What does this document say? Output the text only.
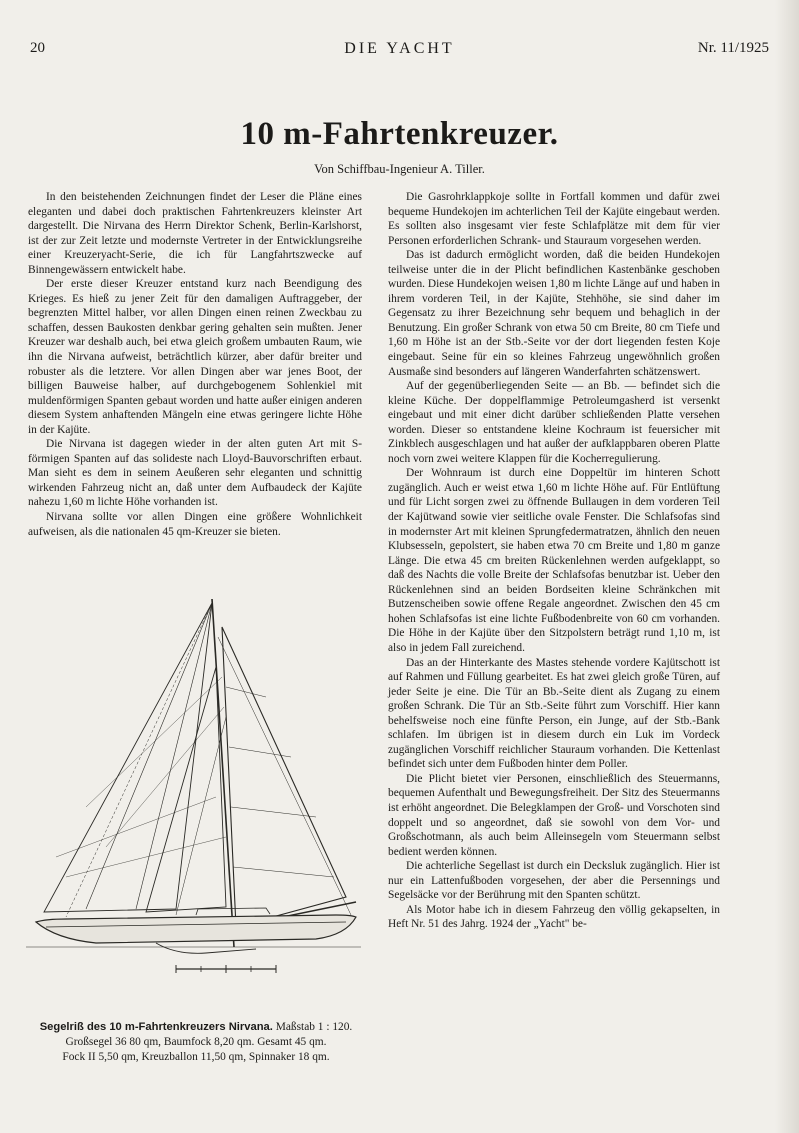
20	DIE YACHT	Nr. 11/1925
10 m-Fahrtenkreuzer.
Von Schiffbau-Ingenieur A. Tiller.

In den beistehenden Zeichnungen findet der Leser die Pläne eines eleganten und dabei doch praktischen Fahrtenkreuzers kleinster Art dargestellt. Die Nirvana des Herrn Direktor Schenk, Berlin-Karlshorst, ist der zur Zeit letzte und modernste Vertreter in der Entwicklungsreihe einer Kreuzeryacht-Serie, die ich für Langfahrtszwecke auf Binnengewässern entwickelt habe.

Der erste dieser Kreuzer entstand kurz nach Beendigung des Krieges. Es hieß zu jener Zeit für den damaligen Auftraggeber, der begrenzten Mittel halber, vor allen Dingen einen reinen Zweckbau zu schaffen, dessen Baukosten denkbar gering gehalten sein mußten. Jener Kreuzer war deshalb auch, bei etwa gleich großem umbauten Raum, wie ihn die Nirvana aufweist, beträchtlich kürzer, aber dafür breiter und robuster als die letztere. Vor allen Dingen aber war jenes Boot, der billigen Bauweise halber, auf durchgebogenem Sohlenkiel mit muldenförmigen Spanten gebaut worden und hatte außer einigen anderen diesem System anhaftenden Mängeln eine etwas geringere lichte Höhe in der Kajüte.

Die Nirvana ist dagegen wieder in der alten guten Art mit S-förmigen Spanten auf das solideste nach Lloyd-Bauvorschriften erbaut. Man sieht es dem in seinem Aeußeren sehr eleganten und schnittig wirkenden Fahrzeug nicht an, daß unter dem Aufbaudeck der Kajüte nahezu 1,60 m lichte Höhe vorhanden ist.

Nirvana sollte vor allen Dingen eine größere Wohnlichkeit aufweisen, als die nationalen 45 qm-Kreuzer sie bieten.

Segelriß des 10 m-Fahrtenkreuzers Nirvana. Maßstab 1 : 120.
Großsegel 36 80 qm, Baumfock 8,20 qm. Gesamt 45 qm.
Fock II 5,50 qm, Kreuzballon 11,50 qm, Spinnaker 18 qm.

Die Gasrohrklappkoje sollte in Fortfall kommen und dafür zwei bequeme Hundekojen im achterlichen Teil der Kajüte eingebaut werden. Es sollten also insgesamt vier feste Schlafplätze mit dem für vier Personen erforderlichen Schrank- und Stauraum vorgesehen werden.

Das ist dadurch ermöglicht worden, daß die beiden Hundekojen teilweise unter die in der Plicht befindlichen Kastenbänke geschoben wurden. Diese Hundekojen weisen 1,80 m lichte Länge auf und haben in ihrem vorderen Teil, in der Kajüte, Stehhöhe, sie sind daher im Gegensatz zu ihrer Bezeichnung sehr bequem und behaglich in der Benutzung. Ein großer Schrank von etwa 50 cm Breite, 80 cm Tiefe und 1,60 m Höhe ist an der Stb.-Seite vor der dort liegenden festen Koje eingebaut. Seine für ein so kleines Fahrzeug ungewöhnlich großen Ausmaße sind besonders auf längeren Wanderfahrten schätzenswert.

Auf der gegenüberliegenden Seite — an Bb. — befindet sich die kleine Küche. Der doppelflammige Petroleumgasherd ist versenkt eingebaut und mit einer dicht darüber schließenden Platte versehen worden. Dieser so entstandene kleine Kochraum ist feuersicher mit Zinkblech ausgeschlagen und hat außer der aufklappbaren oberen Platte noch vorn zwei weitere Klappen für die Kocherregulierung.

Der Wohnraum ist durch eine Doppeltür im hinteren Schott zugänglich. Auch er weist etwa 1,60 m lichte Höhe auf. Für Entlüftung und für Licht sorgen zwei zu öffnende Bullaugen in dem vorderen Teil der Kajütwand sowie vier seitliche ovale Fenster. Die Schlafsofas sind in modernster Art mit kleinen Sprungfedermatratzen, ähnlich den neuen Klubsesseln, gepolstert, sie haben etwa 70 cm Breite und 1,80 m ganze Länge. Die etwa 45 cm breiten Rückenlehnen werden aufgeklappt, so daß des Nachts die volle Breite der Schlafsofas benutzbar ist. Ueber den Rückenlehnen sind an beiden Bordseiten kleine Schränkchen mit Butzenscheiben sowie offene Regale angeordnet. Zwischen den 45 cm hohen Schlafsofas ist eine lichte Fußbodenbreite von 60 cm vorhanden. Die Höhe in der Kajüte über den Sitzpolstern beträgt rund 1,10 m, ist also in jedem Fall zureichend.

Das an der Hinterkante des Mastes stehende vordere Kajütschott ist auf Rahmen und Füllung gearbeitet. Es hat zwei gleich große Türen, auf jeder Seite je eine. Die Tür an Bb.-Seite dient als Zugang zu einem großen Schrank. Die Tür an Stb.-Seite führt zum Vorschiff. Hier kann behelfsweise noch eine fünfte Person, ein Junge, auf der Stb.-Bank schlafen. Im übrigen ist in diesem durch ein Luk im Vordeck zugänglichen Vorschiff reichlicher Stauraum vorhanden. Die Kettenlast befindet sich unter dem Fußboden hinter dem Poller.

Die Plicht bietet vier Personen, einschließlich des Steuermanns, bequemen Aufenthalt und Bewegungsfreiheit. Der Sitz des Steuermanns ist erhöht angeordnet. Die Belegklampen der Groß- und Vorschoten sind doppelt und so angeordnet, daß sie sowohl von dem Vor- und Großschotmann, als auch beim Alleinsegeln vom Steuermann selbst bedient werden können.

Die achterliche Segellast ist durch ein Decksluk zugänglich. Hier ist nur ein Lattenfußboden vorgesehen, der aber die Persennings und Segelsäcke vor der Berührung mit den Spanten schützt.

Als Motor habe ich in diesem Fahrzeug den völlig gekapselten, in Heft Nr. 51 des Jahrg. 1924 der „Yacht" be-
